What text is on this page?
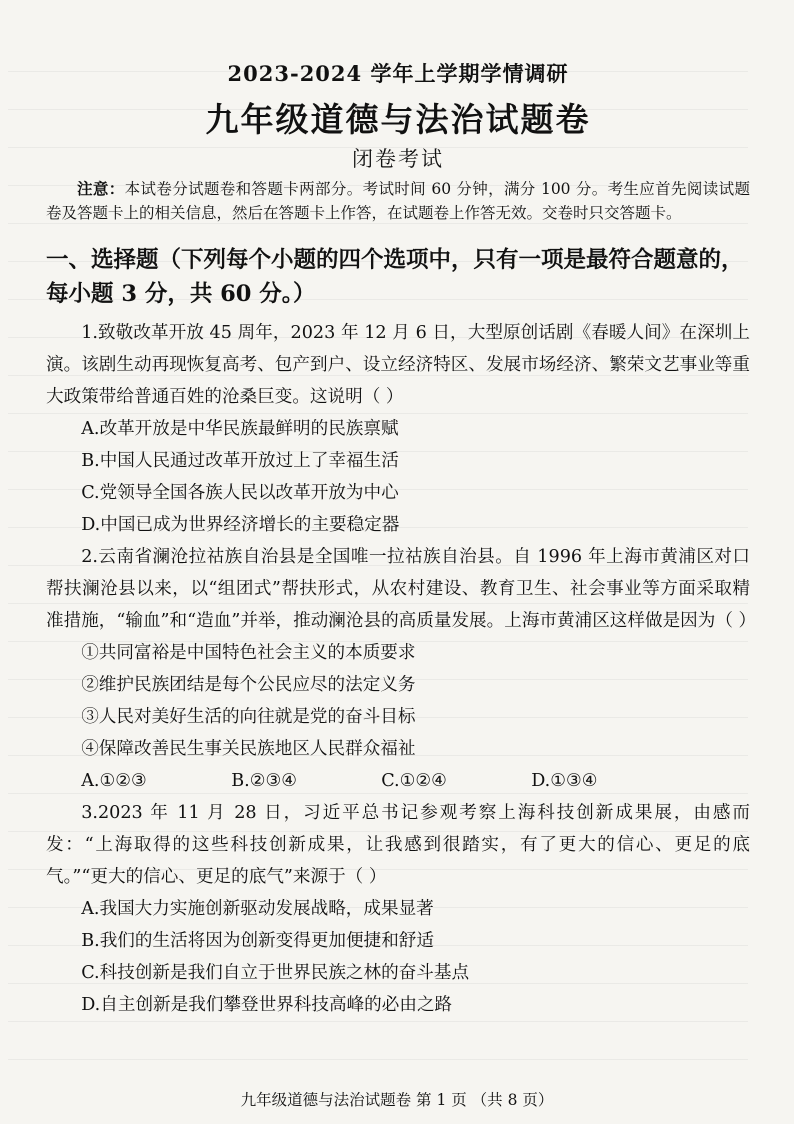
2023-2024 学年上学期学情调研
九年级道德与法治试题卷
闭卷考试

注意：本试卷分试题卷和答题卡两部分。考试时间 60 分钟，满分 100 分。考生应首先阅读试题卷及答题卡上的相关信息，然后在答题卡上作答，在试题卷上作答无效。交卷时只交答题卡。

一、选择题（下列每个小题的四个选项中，只有一项是最符合题意的，每小题 3 分，共 60 分。）

1.致敬改革开放 45 周年，2023 年 12 月 6 日，大型原创话剧《春暖人间》在深圳上演。该剧生动再现恢复高考、包产到户、设立经济特区、发展市场经济、繁荣文艺事业等重大政策带给普通百姓的沧桑巨变。这说明（ ）

A.改革开放是中华民族最鲜明的民族禀赋

B.中国人民通过改革开放过上了幸福生活

C.党领导全国各族人民以改革开放为中心

D.中国已成为世界经济增长的主要稳定器

2.云南省澜沧拉祜族自治县是全国唯一拉祜族自治县。自 1996 年上海市黄浦区对口帮扶澜沧县以来，以“组团式”帮扶形式，从农村建设、教育卫生、社会事业等方面采取精准措施，“输血”和“造血”并举，推动澜沧县的高质量发展。上海市黄浦区这样做是因为（ ）

①共同富裕是中国特色社会主义的本质要求

②维护民族团结是每个公民应尽的法定义务

③人民对美好生活的向往就是党的奋斗目标

④保障改善民生事关民族地区人民群众福祉

A.①②③	B.②③④	C.①②④	D.①③④

3.2023 年 11 月 28 日，习近平总书记参观考察上海科技创新成果展，由感而发：“上海取得的这些科技创新成果，让我感到很踏实，有了更大的信心、更足的底气。”“更大的信心、更足的底气”来源于（ ）

A.我国大力实施创新驱动发展战略，成果显著

B.我们的生活将因为创新变得更加便捷和舒适

C.科技创新是我们自立于世界民族之林的奋斗基点

D.自主创新是我们攀登世界科技高峰的必由之路

九年级道德与法治试题卷 第 1 页 （共 8 页）
